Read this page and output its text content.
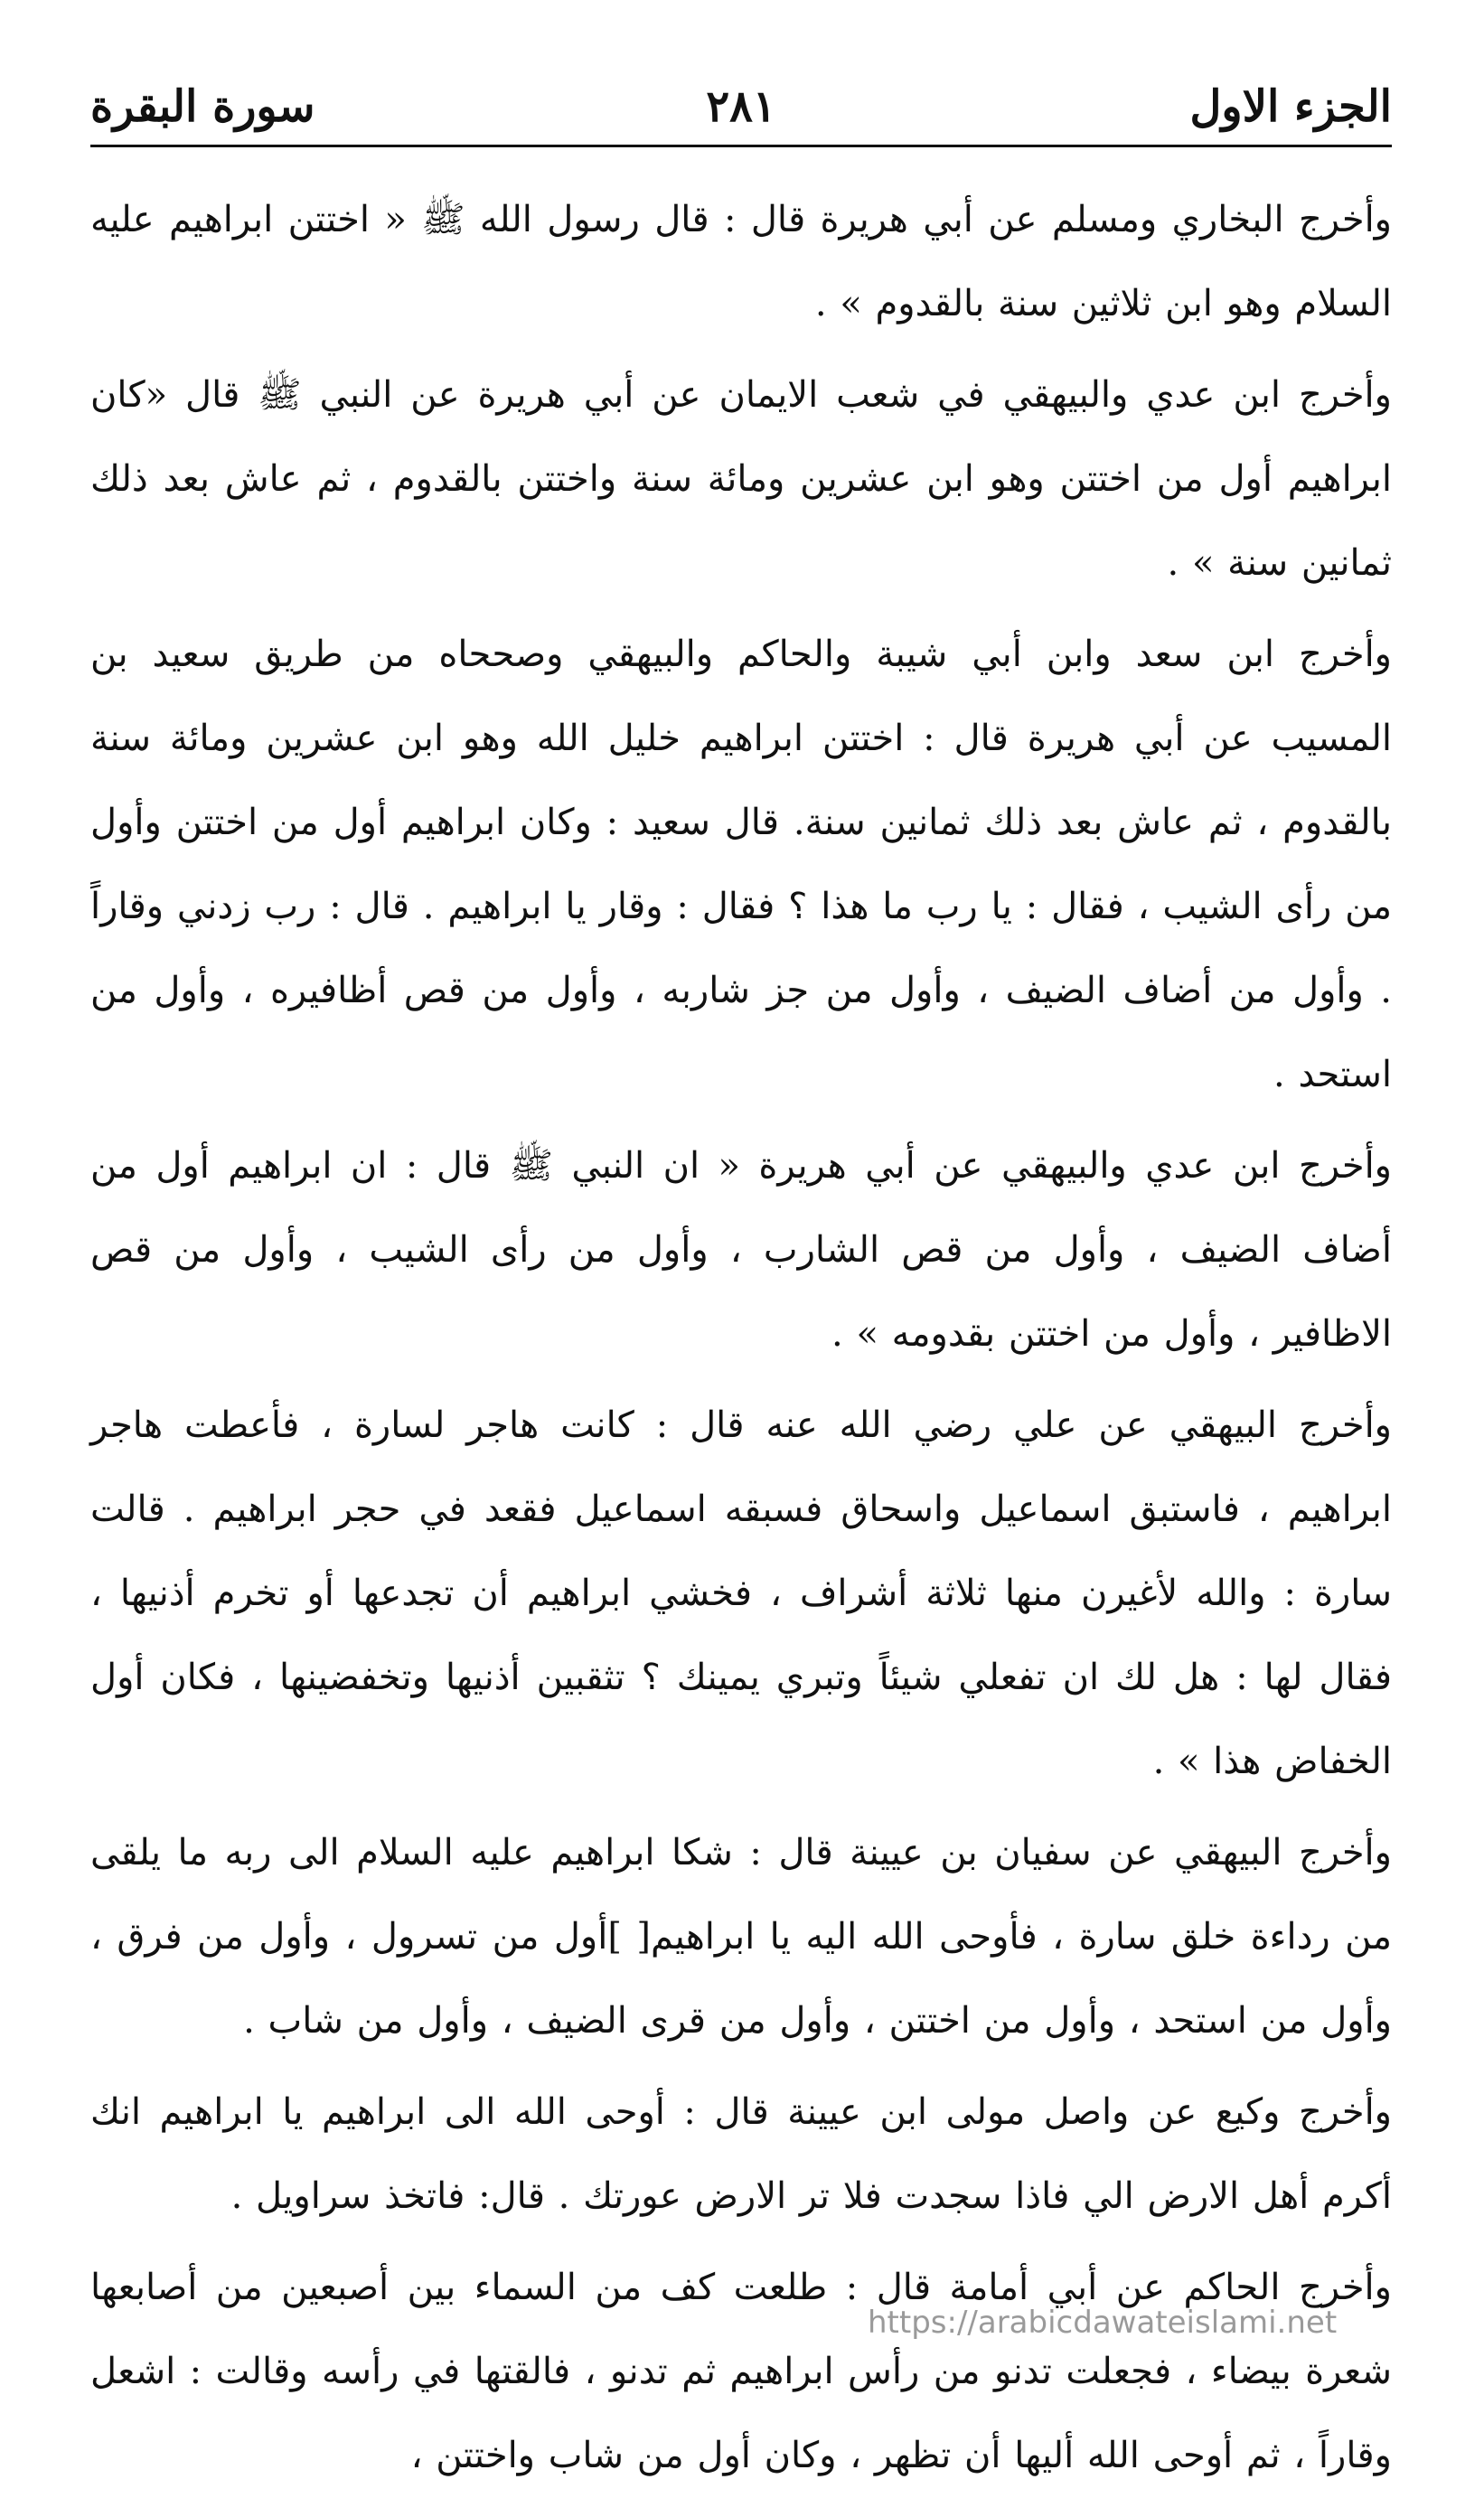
الجزء الاول
٢٨١
سورة البقرة

وأخرج البخاري ومسلم عن أبي هريرة قال : قال رسول الله ﷺ « اختتن ابراهيم عليه السلام وهو ابن ثلاثين سنة بالقدوم » .

وأخرج ابن عدي والبيهقي في شعب الايمان عن أبي هريرة عن النبي ﷺ قال «كان ابراهيم أول من اختتن وهو ابن عشرين ومائة سنة واختتن بالقدوم ، ثم عاش بعد ذلك ثمانين سنة » .

وأخرج ابن سعد وابن أبي شيبة والحاكم والبيهقي وصححاه من طريق سعيد بن المسيب عن أبي هريرة قال : اختتن ابراهيم خليل الله وهو ابن عشرين ومائة سنة بالقدوم ، ثم عاش بعد ذلك ثمانين سنة. قال سعيد : وكان ابراهيم أول من اختتن وأول من رأى الشيب ، فقال : يا رب ما هذا ؟ فقال : وقار يا ابراهيم . قال : رب زدني وقاراً . وأول من أضاف الضيف ، وأول من جز شاربه ، وأول من قص أظافيره ، وأول من استحد .

وأخرج ابن عدي والبيهقي عن أبي هريرة « ان النبي ﷺ قال : ان ابراهيم أول من أضاف الضيف ، وأول من قص الشارب ، وأول من رأى الشيب ، وأول من قص الاظافير ، وأول من اختتن بقدومه » .

وأخرج البيهقي عن علي رضي الله عنه قال : كانت هاجر لسارة ، فأعطت هاجر ابراهيم ، فاستبق اسماعيل واسحاق فسبقه اسماعيل فقعد في حجر ابراهيم . قالت سارة : والله لأغيرن منها ثلاثة أشراف ، فخشي ابراهيم أن تجدعها أو تخرم أذنيها ، فقال لها : هل لك ان تفعلي شيئاً وتبري يمينك ؟ تثقبين أذنيها وتخفضينها ، فكان أول الخفاض هذا » .

وأخرج البيهقي عن سفيان بن عيينة قال : شكا ابراهيم عليه السلام الى ربه ما يلقى من رداءة خلق سارة ، فأوحى الله اليه يا ابراهيم[ ]أول من تسرول ، وأول من فرق ، وأول من استحد ، وأول من اختتن ، وأول من قرى الضيف ، وأول من شاب .

وأخرج وكيع عن واصل مولى ابن عيينة قال : أوحى الله الى ابراهيم يا ابراهيم انك أكرم أهل الارض الي فاذا سجدت فلا تر الارض عورتك . قال: فاتخذ سراويل .

وأخرج الحاكم عن أبي أمامة قال : طلعت كف من السماء بين أصبعين من أصابعها شعرة بيضاء ، فجعلت تدنو من رأس ابراهيم ثم تدنو ، فالقتها في رأسه وقالت : اشعل وقاراً ، ثم أوحى الله أليها أن تظهر ، وكان أول من شاب واختتن ،

https://arabicdawateislami.net
